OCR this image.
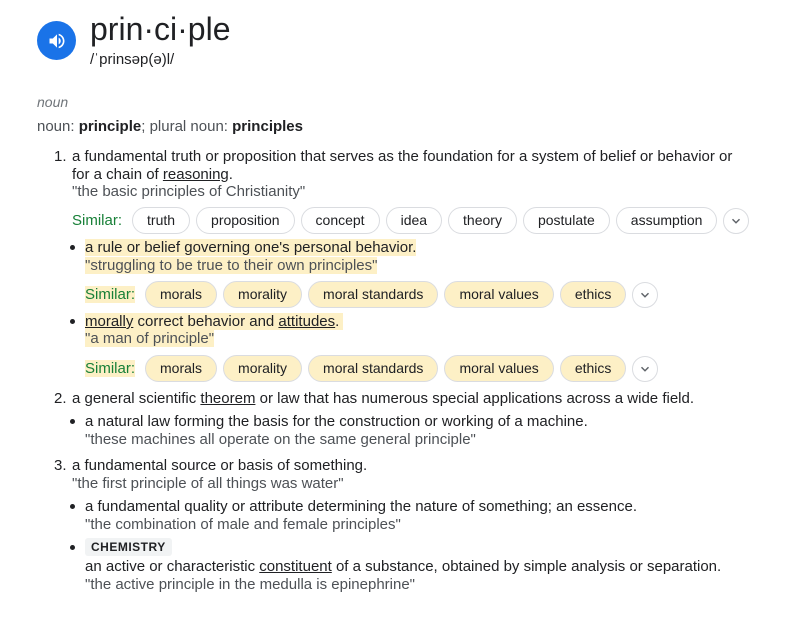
prin·ci·ple
/ˈprinsəp(ə)l/
noun
noun: principle; plural noun: principles
1. a fundamental truth or proposition that serves as the foundation for a system of belief or behavior or
for a chain of reasoning.
"the basic principles of Christianity"
Similar:	truth	proposition	concept	idea	theory	postulate	assumption
a rule or belief governing one's personal behavior.
"struggling to be true to their own principles"
Similar:	morals	morality	moral standards	moral values	ethics
morally correct behavior and attitudes.
"a man of principle"
Similar:	morals	morality	moral standards	moral values	ethics
2. a general scientific theorem or law that has numerous special applications across a wide field.
a natural law forming the basis for the construction or working of a machine.
"these machines all operate on the same general principle"
3. a fundamental source or basis of something.
"the first principle of all things was water"
a fundamental quality or attribute determining the nature of something; an essence.
"the combination of male and female principles"
CHEMISTRY
an active or characteristic constituent of a substance, obtained by simple analysis or separation.
"the active principle in the medulla is epinephrine"
